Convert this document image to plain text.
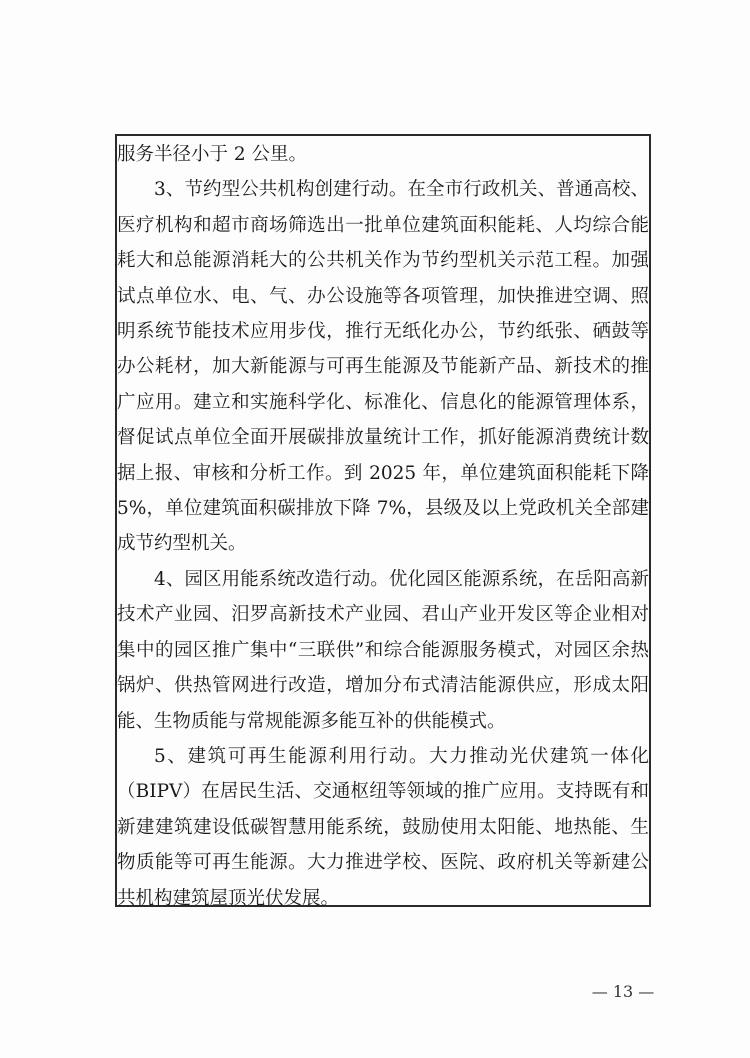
服务半径小于 2 公里。

3、节约型公共机构创建行动。在全市行政机关、普通高校、医疗机构和超市商场筛选出一批单位建筑面积能耗、人均综合能耗大和总能源消耗大的公共机关作为节约型机关示范工程。加强试点单位水、电、气、办公设施等各项管理，加快推进空调、照明系统节能技术应用步伐，推行无纸化办公，节约纸张、硒鼓等办公耗材，加大新能源与可再生能源及节能新产品、新技术的推广应用。建立和实施科学化、标准化、信息化的能源管理体系，督促试点单位全面开展碳排放量统计工作，抓好能源消费统计数据上报、审核和分析工作。到 2025 年，单位建筑面积能耗下降 5%，单位建筑面积碳排放下降 7%，县级及以上党政机关全部建成节约型机关。

4、园区用能系统改造行动。优化园区能源系统，在岳阳高新技术产业园、汨罗高新技术产业园、君山产业开发区等企业相对集中的园区推广集中“三联供”和综合能源服务模式，对园区余热锅炉、供热管网进行改造，增加分布式清洁能源供应，形成太阳能、生物质能与常规能源多能互补的供能模式。

5、建筑可再生能源利用行动。大力推动光伏建筑一体化（BIPV）在居民生活、交通枢纽等领域的推广应用。支持既有和新建建筑建设低碳智慧用能系统，鼓励使用太阳能、地热能、生物质能等可再生能源。大力推进学校、医院、政府机关等新建公共机构建筑屋顶光伏发展。

— 13 —
